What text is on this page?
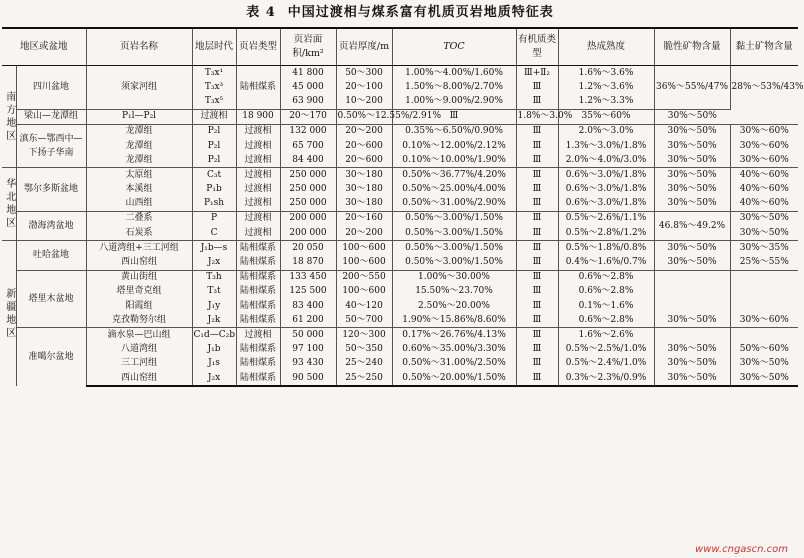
表 4 中国过渡相与煤系富有机质页岩地质特征表
地区或盆地		页岩名称	地层时代	页岩类型	页岩面积/km²	页岩厚度/m	TOC	有机质类型	热成熟度	脆性矿物含量	黏土矿物含量
南方地区	四川盆地	须家河组	T₃x¹	陆相煤系	41 800	50～300	1.00%～4.00%/1.60%	Ⅲ+Ⅱ₂	1.6%～3.6%	36%～55%/47%	28%～53%/43%
			T₃x³		45 000	20～100	1.50%～8.00%/2.70%	Ⅲ	1.2%～3.6%		
			T₃x⁵		63 900	10～200	1.00%～9.00%/2.90%	Ⅲ	1.2%～3.3%		
	梁山—龙潭组	P₁l—P₂l	过渡相	18 900	20～170	0.50%～12.55%/2.91%	Ⅲ	1.8%～3.0%	35%～60%	30%～50%	
	滇东—鄂西中—下扬子华南	龙潭组	P₂l	过渡相	132 000	20～200	0.35%～6.50%/0.90%	Ⅲ	2.0%～3.0%	30%～50%	30%～60%
		龙潭组	P₂l	过渡相	65 700	20～600	0.10%～12.00%/2.12%	Ⅲ	1.3%～3.0%/1.8%	30%～50%	30%～60%
		龙潭组	P₂l	过渡相	84 400	20～600	0.10%～10.00%/1.90%	Ⅲ	2.0%～4.0%/3.0%	30%～50%	30%～60%
华北地区	鄂尔多斯盆地	太原组	C₃t	过渡相	250 000	30～180	0.50%～36.77%/4.20%	Ⅲ	0.6%～3.0%/1.8%	30%～50%	40%～60%
		本溪组	P₁b	过渡相	250 000	30～180	0.50%～25.00%/4.00%	Ⅲ	0.6%～3.0%/1.8%	30%～50%	40%～60%
		山西组	P₁sh	过渡相	250 000	30～180	0.50%～31.00%/2.90%	Ⅲ	0.6%～3.0%/1.8%	30%～50%	40%～60%
	渤海湾盆地	二叠系	P	过渡相	200 000	20～160	0.50%～3.00%/1.50%	Ⅲ	0.5%～2.6%/1.1%	46.8%～49.2%	30%～50%
		石炭系	C	过渡相	200 000	20～200	0.50%～3.00%/1.50%	Ⅲ	0.5%～2.8%/1.2%		30%～50%
新疆地区	吐哈盆地	八道湾组+三工河组	J₁b—s	陆相煤系	20 050	100～600	0.50%～3.00%/1.50%	Ⅲ	0.5%～1.8%/0.8%	30%～50%	30%～35%
		西山窑组	J₂x	陆相煤系	18 870	100～600	0.50%～3.00%/1.50%	Ⅲ	0.4%～1.6%/0.7%	30%～50%	25%～55%
	塔里木盆地	黄山街组	T₃h	陆相煤系	133 450	200～550	1.00%～30.00%	Ⅲ	0.6%～2.8%		
		塔里奇克组	T₃t	陆相煤系	125 500	100～600	15.50%～23.70%	Ⅲ	0.6%～2.8%		
		阳霞组	J₁y	陆相煤系	83 400	40～120	2.50%～20.00%	Ⅲ	0.1%～1.6%		
		克孜勒努尔组	J₂k	陆相煤系	61 200	50～700	1.90%～15.86%/8.60%	Ⅲ	0.6%～2.8%	30%～50%	30%～60%
	准噶尔盆地	滴水泉—巴山组	C₁d—C₂b	过渡相	50 000	120～300	0.17%～26.76%/4.13%	Ⅲ	1.6%～2.6%		
		八道湾组	J₁b	陆相煤系	97 100	50～350	0.60%～35.00%/3.30%	Ⅲ	0.5%～2.5%/1.0%	30%～50%	50%～60%
		三工河组	J₁s	陆相煤系	93 430	25～240	0.50%～31.00%/2.50%	Ⅲ	0.5%～2.4%/1.0%	30%～50%	30%～50%
		西山窑组	J₂x	陆相煤系	90 500	25～250	0.50%～20.00%/1.50%	Ⅲ	0.3%～2.3%/0.9%	30%～50%	30%～50%
www.cngascn.com
